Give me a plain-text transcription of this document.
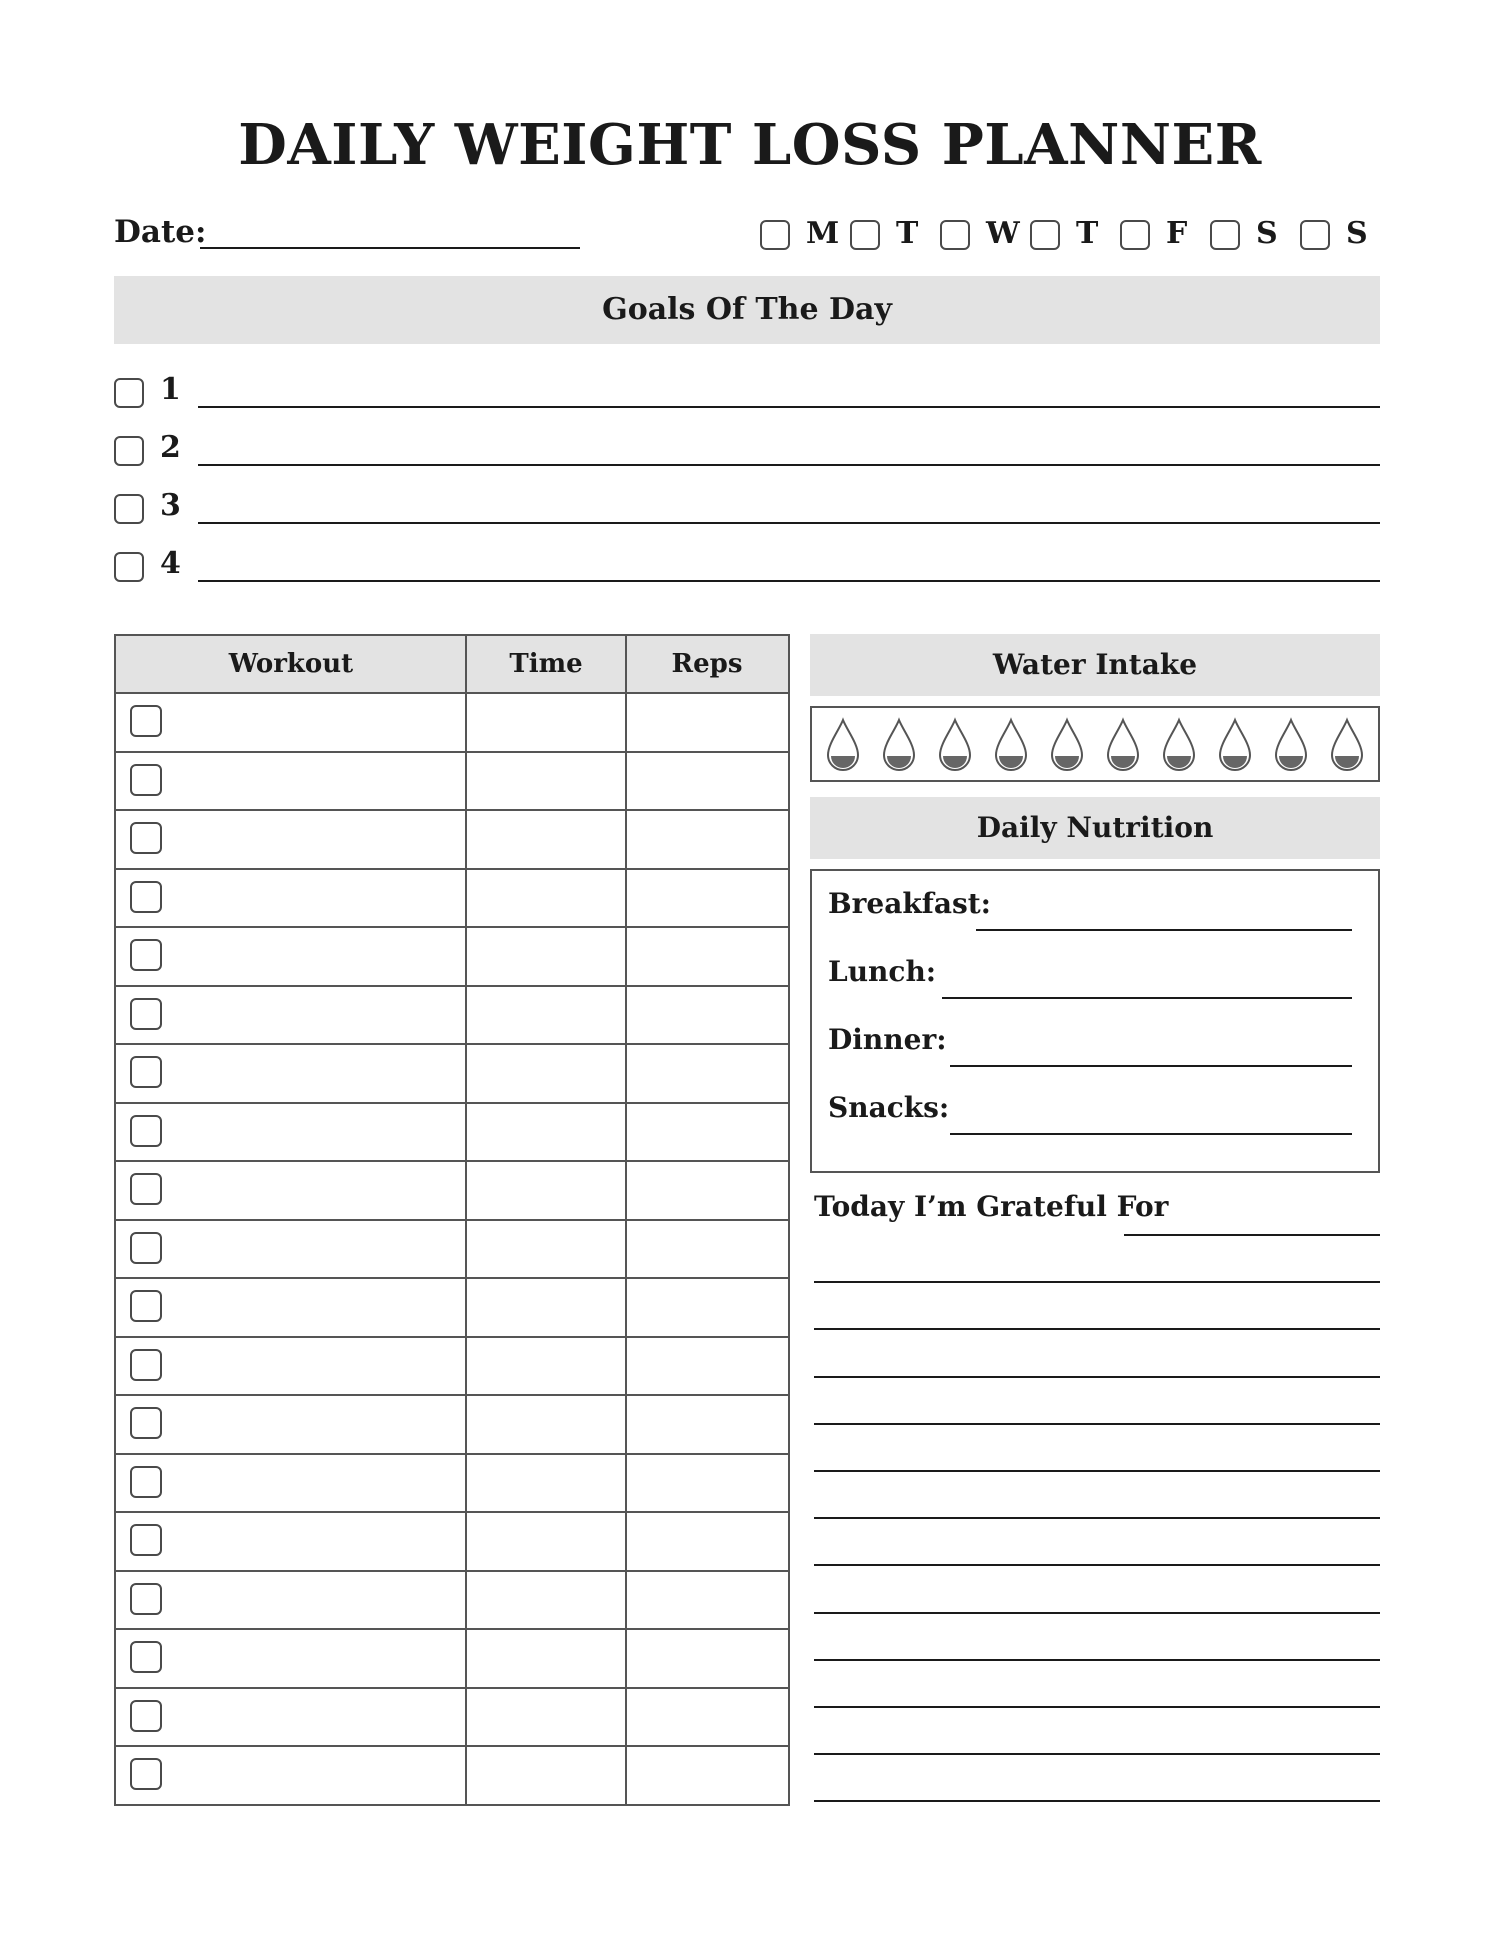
DAILY WEIGHT LOSS PLANNER
Date:	M T W T F S S
Goals Of The Day
1
2
3
4
Workout	Time	Reps	Water Intake
Daily Nutrition
Breakfast:
Lunch:
Dinner:
Snacks:
Today I’m Grateful For
